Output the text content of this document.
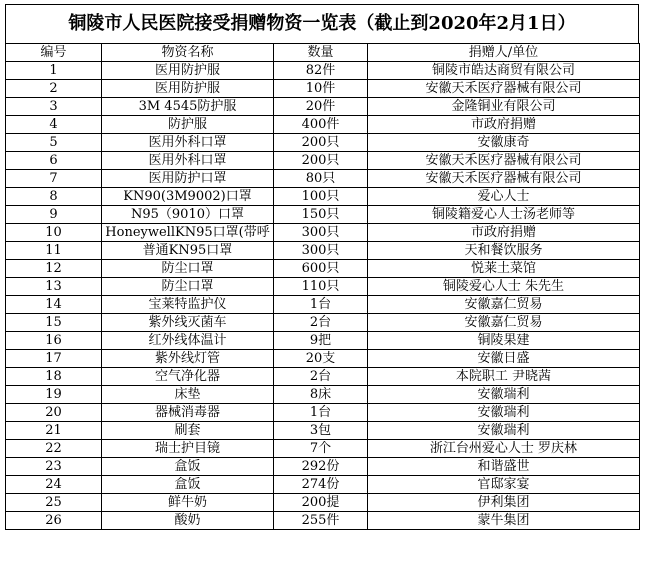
铜陵市人民医院接受捐赠物资一览表（截止到2020年2月1日）
编号	物资名称	数量	捐赠人/单位
1	医用防护服	82件	铜陵市皓达商贸有限公司
2	医用防护服	10件	安徽天禾医疗器械有限公司
3	3M 4545防护服	20件	金隆铜业有限公司
4	防护服	400件	市政府捐赠
5	医用外科口罩	200只	安徽康奇
6	医用外科口罩	200只	安徽天禾医疗器械有限公司
7	医用防护口罩	80只	安徽天禾医疗器械有限公司
8	KN90(3M9002)口罩	100只	爱心人士
9	N95（9010）口罩	150只	铜陵籍爱心人士汤老师等
10	HoneywellKN95口罩(带呼	300只	市政府捐赠
11	普通KN95口罩	300只	天和餐饮服务
12	防尘口罩	600只	悦莱土菜馆
13	防尘口罩	110只	铜陵爱心人士 朱先生
14	宝莱特监护仪	1台	安徽嘉仁贸易
15	紫外线灭菌车	2台	安徽嘉仁贸易
16	红外线体温计	9把	铜陵果建
17	紫外线灯管	20支	安徽日盛
18	空气净化器	2台	本院职工 尹晓茜
19	床垫	8床	安徽瑞利
20	器械消毒器	1台	安徽瑞利
21	刷套	3包	安徽瑞利
22	瑞士护目镜	7个	浙江台州爱心人士 罗庆林
23	盒饭	292份	和谐盛世
24	盒饭	274份	官邸家宴
25	鲜牛奶	200提	伊利集团
26	酸奶	255件	蒙牛集团
